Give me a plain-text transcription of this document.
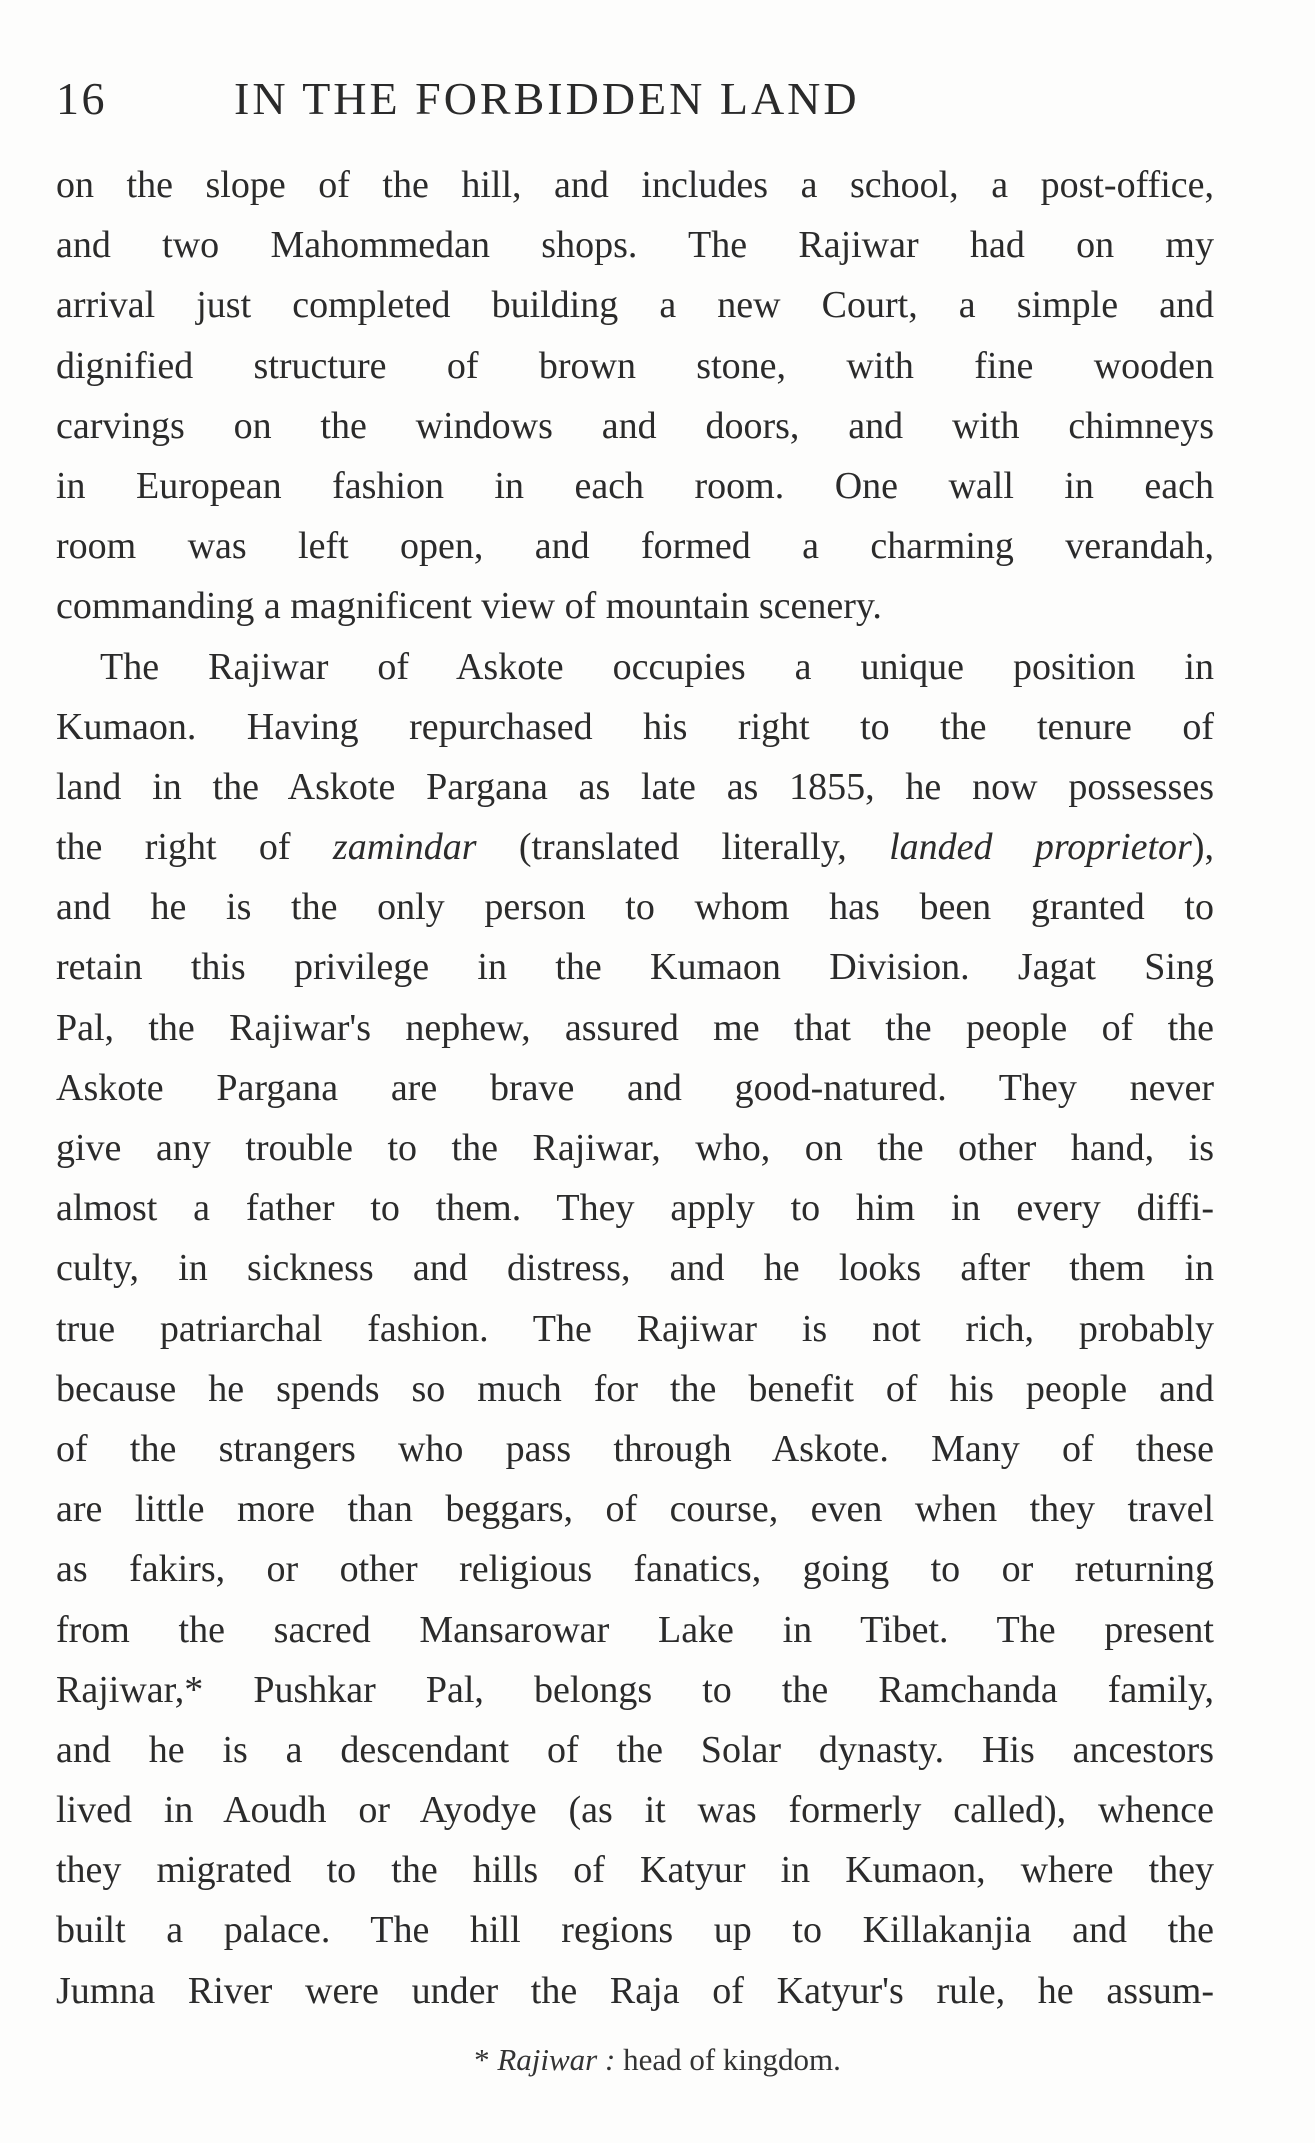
16	IN THE FORBIDDEN LAND
on the slope of the hill, and includes a school, a post-office,
and two Mahommedan shops. The Rajiwar had on my
arrival just completed building a new Court, a simple and
dignified structure of brown stone, with fine wooden
carvings on the windows and doors, and with chimneys
in European fashion in each room. One wall in each
room was left open, and formed a charming verandah,
commanding a magnificent view of mountain scenery.
The Rajiwar of Askote occupies a unique position in
Kumaon. Having repurchased his right to the tenure of
land in the Askote Pargana as late as 1855, he now possesses
the right of zamindar (translated literally, landed proprietor),
and he is the only person to whom has been granted to
retain this privilege in the Kumaon Division. Jagat Sing
Pal, the Rajiwar's nephew, assured me that the people of the
Askote Pargana are brave and good-natured. They never
give any trouble to the Rajiwar, who, on the other hand, is
almost a father to them. They apply to him in every diffi-
culty, in sickness and distress, and he looks after them in
true patriarchal fashion. The Rajiwar is not rich, probably
because he spends so much for the benefit of his people and
of the strangers who pass through Askote. Many of these
are little more than beggars, of course, even when they travel
as fakirs, or other religious fanatics, going to or returning
from the sacred Mansarowar Lake in Tibet. The present
Rajiwar,* Pushkar Pal, belongs to the Ramchanda family,
and he is a descendant of the Solar dynasty. His ancestors
lived in Aoudh or Ayodye (as it was formerly called), whence
they migrated to the hills of Katyur in Kumaon, where they
built a palace. The hill regions up to Killakanjia and the
Jumna River were under the Raja of Katyur's rule, he assum-
* Rajiwar : head of kingdom.
